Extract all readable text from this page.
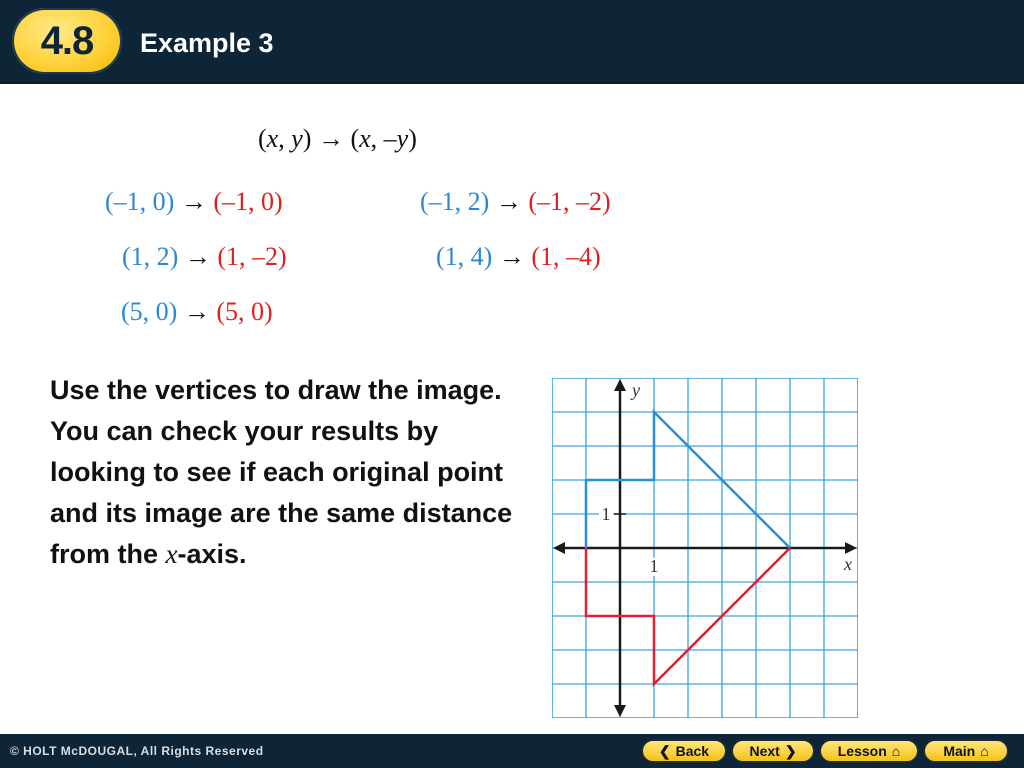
4.8 Example 3
(x, y) → (x, –y)
(–1, 0) → (–1, 0)	(–1, 2) → (–1, –2)
(1, 2) → (1, –2)	(1, 4) → (1, –4)
(5, 0) → (5, 0)
Use the vertices to draw the image. You can check your results by looking to see if each original point and its image are the same distance from the x-axis.
y
x
1
1
© HOLT McDOUGAL, All Rights Reserved	❮ Back	Next ❯	Lesson ⌂	Main ⌂
